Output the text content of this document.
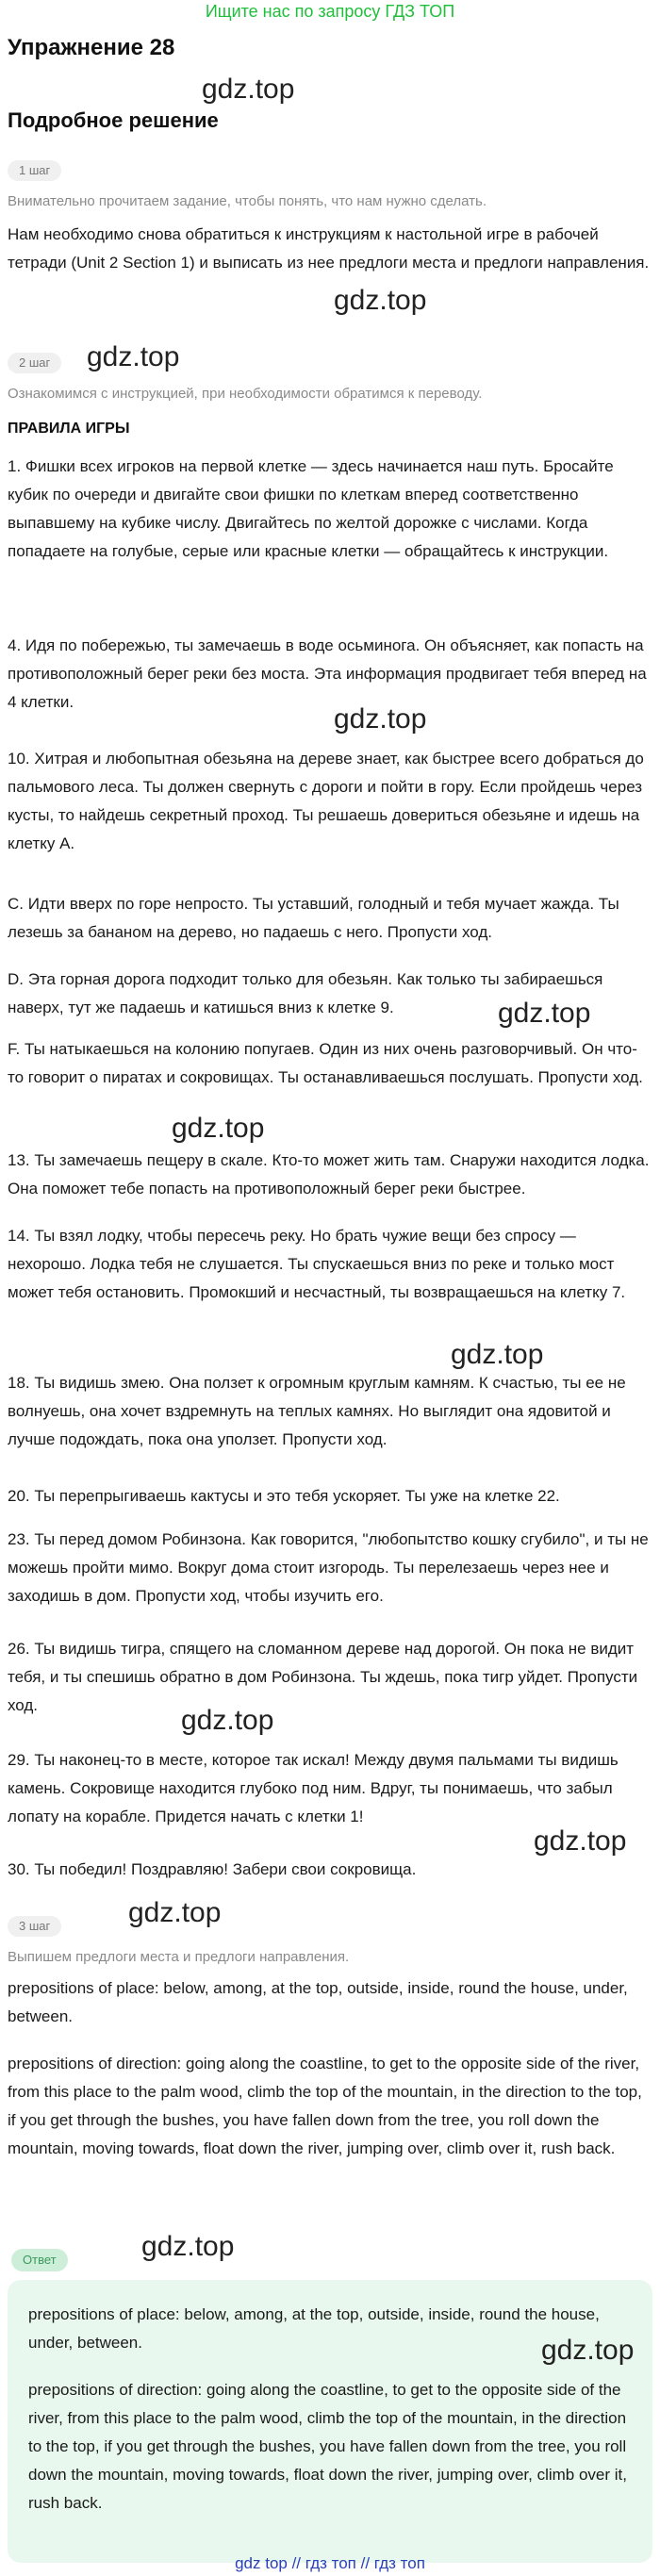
Ищите нас по запросу ГДЗ ТОП
Упражнение 28
gdz.top
Подробное решение
1 шаг
Внимательно прочитаем задание, чтобы понять, что нам нужно сделать.
Нам необходимо снова обратиться к инструкциям к настольной игре в рабочей тетради (Unit 2 Section 1) и выписать из нее предлоги места и предлоги направления.
gdz.top
2 шаг	gdz.top
Ознакомимся с инструкцией, при необходимости обратимся к переводу.
ПРАВИЛА ИГРЫ
1. Фишки всех игроков на первой клетке — здесь начинается наш путь. Бросайте кубик по очереди и двигайте свои фишки по клеткам вперед соответственно выпавшему на кубике числу. Двигайтесь по желтой дорожке с числами. Когда попадаете на голубые, серые или красные клетки — обращайтесь к инструкции.
4. Идя по побережью, ты замечаешь в воде осьминога. Он объясняет, как попасть на противоположный берег реки без моста. Эта информация продвигает тебя вперед на 4 клетки.
gdz.top
10. Хитрая и любопытная обезьяна на дереве знает, как быстрее всего добраться до пальмового леса. Ты должен свернуть с дороги и пойти в гору. Если пройдешь через кусты, то найдешь секретный проход. Ты решаешь довериться обезьяне и идешь на клетку A.
C. Идти вверх по горе непросто. Ты уставший, голодный и тебя мучает жажда. Ты лезешь за бананом на дерево, но падаешь с него. Пропусти ход.
D. Эта горная дорога подходит только для обезьян. Как только ты забираешься наверх, тут же падаешь и катишься вниз к клетке 9.	gdz.top
F. Ты натыкаешься на колонию попугаев. Один из них очень разговорчивый. Он что-то говорит о пиратах и сокровищах. Ты останавливаешься послушать. Пропусти ход.
gdz.top
13. Ты замечаешь пещеру в скале. Кто-то может жить там. Снаружи находится лодка. Она поможет тебе попасть на противоположный берег реки быстрее.
14. Ты взял лодку, чтобы пересечь реку. Но брать чужие вещи без спросу — нехорошо. Лодка тебя не слушается. Ты спускаешься вниз по реке и только мост может тебя остановить. Промокший и несчастный, ты возвращаешься на клетку 7.
gdz.top
18. Ты видишь змею. Она ползет к огромным круглым камням. К счастью, ты ее не волнуешь, она хочет вздремнуть на теплых камнях. Но выглядит она ядовитой и лучше подождать, пока она уползет. Пропусти ход.
20. Ты перепрыгиваешь кактусы и это тебя ускоряет. Ты уже на клетке 22.
23. Ты перед домом Робинзона. Как говорится, "любопытство кошку сгубило", и ты не можешь пройти мимо. Вокруг дома стоит изгородь. Ты перелезаешь через нее и заходишь в дом. Пропусти ход, чтобы изучить его.
26. Ты видишь тигра, спящего на сломанном дереве над дорогой. Он пока не видит тебя, и ты спешишь обратно в дом Робинзона. Ты ждешь, пока тигр уйдет. Пропусти ход.	gdz.top
29. Ты наконец-то в месте, которое так искал! Между двумя пальмами ты видишь камень. Сокровище находится глубоко под ним. Вдруг, ты понимаешь, что забыл лопату на корабле. Придется начать с клетки 1!
gdz.top
30. Ты победил! Поздравляю! Забери свои сокровища.
gdz.top
3 шаг
Выпишем предлоги места и предлоги направления.
prepositions of place: below, among, at the top, outside, inside, round the house, under, between.
prepositions of direction: going along the coastline, to get to the opposite side of the river, from this place to the palm wood, climb the top of the mountain, in the direction to the top, if you get through the bushes, you have fallen down from the tree, you roll down the mountain, moving towards, float down the river, jumping over, climb over it, rush back.
gdz.top
Ответ
prepositions of place: below, among, at the top, outside, inside, round the house, under, between.	gdz.top
prepositions of direction: going along the coastline, to get to the opposite side of the river, from this place to the palm wood, climb the top of the mountain, in the direction to the top, if you get through the bushes, you have fallen down from the tree, you roll down the mountain, moving towards, float down the river, jumping over, climb over it, rush back.
gdz top // гдз топ // гдз топ
